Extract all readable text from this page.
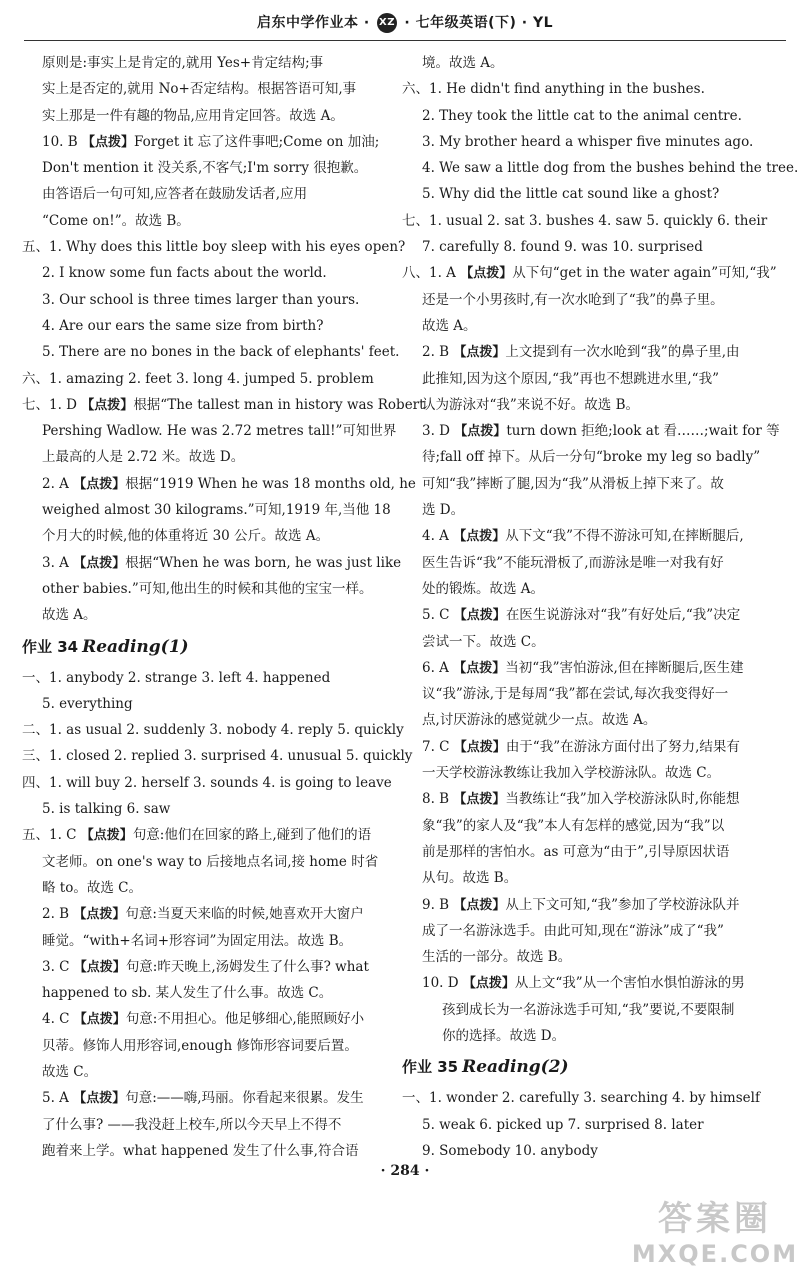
启东中学作业本 · XZ · 七年级英语(下) · YL
原则是:事实上是肯定的,就用 Yes+肯定结构;事
实上是否定的,就用 No+否定结构。根据答语可知,事
实上那是一件有趣的物品,应用肯定回答。故选 A。
10. B 【点拨】Forget it 忘了这件事吧;Come on 加油;
Don't mention it 没关系,不客气;I'm sorry 很抱歉。
由答语后一句可知,应答者在鼓励发话者,应用
“Come on!”。故选 B。
五、1. Why does this little boy sleep with his eyes open?
2. I know some fun facts about the world.
3. Our school is three times larger than yours.
4. Are our ears the same size from birth?
5. There are no bones in the back of elephants' feet.
六、1. amazing 2. feet 3. long 4. jumped 5. problem
七、1. D 【点拨】根据“The tallest man in history was Robert
Pershing Wadlow. He was 2.72 metres tall!”可知世界
上最高的人是 2.72 米。故选 D。
2. A 【点拨】根据“1919 When he was 18 months old, he
weighed almost 30 kilograms.”可知,1919 年,当他 18
个月大的时候,他的体重将近 30 公斤。故选 A。
3. A 【点拨】根据“When he was born, he was just like
other babies.”可知,他出生的时候和其他的宝宝一样。
故选 A。
作业 34 Reading(1)
一、1. anybody 2. strange 3. left 4. happened
5. everything
二、1. as usual 2. suddenly 3. nobody 4. reply 5. quickly
三、1. closed 2. replied 3. surprised 4. unusual 5. quickly
四、1. will buy 2. herself 3. sounds 4. is going to leave
5. is talking 6. saw
五、1. C 【点拨】句意:他们在回家的路上,碰到了他们的语
文老师。on one's way to 后接地点名词,接 home 时省
略 to。故选 C。
2. B 【点拨】句意:当夏天来临的时候,她喜欢开大窗户
睡觉。“with+名词+形容词”为固定用法。故选 B。
3. C 【点拨】句意:昨天晚上,汤姆发生了什么事? what
happened to sb. 某人发生了什么事。故选 C。
4. C 【点拨】句意:不用担心。他足够细心,能照顾好小
贝蒂。修饰人用形容词,enough 修饰形容词要后置。
故选 C。
5. A 【点拨】句意:——嗨,玛丽。你看起来很累。发生
了什么事? ——我没赶上校车,所以今天早上不得不
跑着来上学。what happened 发生了什么事,符合语
境。故选 A。
六、1. He didn't find anything in the bushes.
2. They took the little cat to the animal centre.
3. My brother heard a whisper five minutes ago.
4. We saw a little dog from the bushes behind the tree.
5. Why did the little cat sound like a ghost?
七、1. usual 2. sat 3. bushes 4. saw 5. quickly 6. their
7. carefully 8. found 9. was 10. surprised
八、1. A 【点拨】从下句“get in the water again”可知,“我”
还是一个小男孩时,有一次水呛到了“我”的鼻子里。
故选 A。
2. B 【点拨】上文提到有一次水呛到“我”的鼻子里,由
此推知,因为这个原因,“我”再也不想跳进水里,“我”
认为游泳对“我”来说不好。故选 B。
3. D 【点拨】turn down 拒绝;look at 看……;wait for 等
待;fall off 掉下。从后一分句“broke my leg so badly”
可知“我”摔断了腿,因为“我”从滑板上掉下来了。故
选 D。
4. A 【点拨】从下文“我”不得不游泳可知,在摔断腿后,
医生告诉“我”不能玩滑板了,而游泳是唯一对我有好
处的锻炼。故选 A。
5. C 【点拨】在医生说游泳对“我”有好处后,“我”决定
尝试一下。故选 C。
6. A 【点拨】当初“我”害怕游泳,但在摔断腿后,医生建
议“我”游泳,于是每周“我”都在尝试,每次我变得好一
点,讨厌游泳的感觉就少一点。故选 A。
7. C 【点拨】由于“我”在游泳方面付出了努力,结果有
一天学校游泳教练让我加入学校游泳队。故选 C。
8. B 【点拨】当教练让“我”加入学校游泳队时,你能想
象“我”的家人及“我”本人有怎样的感觉,因为“我”以
前是那样的害怕水。as 可意为“由于”,引导原因状语
从句。故选 B。
9. B 【点拨】从上下文可知,“我”参加了学校游泳队并
成了一名游泳选手。由此可知,现在“游泳”成了“我”
生活的一部分。故选 B。
10. D 【点拨】从上文“我”从一个害怕水惧怕游泳的男
孩到成长为一名游泳选手可知,“我”要说,不要限制
你的选择。故选 D。
作业 35 Reading(2)
一、1. wonder 2. carefully 3. searching 4. by himself
5. weak 6. picked up 7. surprised 8. later
9. Somebody 10. anybody
· 284 ·
答案圈
MXQE.COM
